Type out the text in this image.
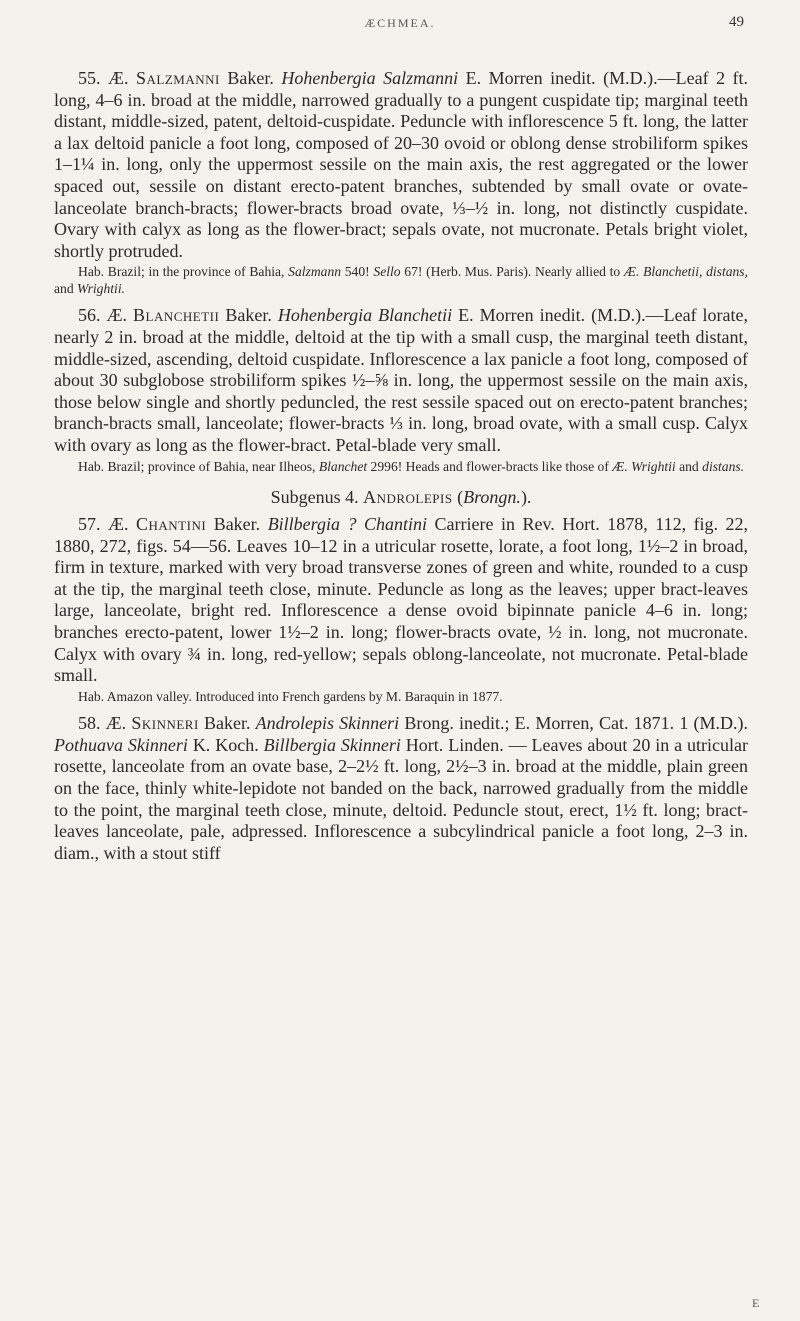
ÆCHMEA.	49

55. Æ. Salzmanni Baker. Hohenbergia Salzmanni E. Morren inedit. (M.D.).—Leaf 2 ft. long, 4–6 in. broad at the middle, narrowed gradually to a pungent cuspidate tip; marginal teeth distant, middle-sized, patent, deltoid-cuspidate. Peduncle with inflorescence 5 ft. long, the latter a lax deltoid panicle a foot long, composed of 20–30 ovoid or oblong dense strobiliform spikes 1–1¼ in. long, only the uppermost sessile on the main axis, the rest aggregated or the lower spaced out, sessile on distant erecto-patent branches, subtended by small ovate or ovate-lanceolate branch-bracts; flower-bracts broad ovate, ⅓–½ in. long, not distinctly cuspidate. Ovary with calyx as long as the flower-bract; sepals ovate, not mucronate. Petals bright violet, shortly protruded.

Hab. Brazil; in the province of Bahia, Salzmann 540! Sello 67! (Herb. Mus. Paris). Nearly allied to Æ. Blanchetii, distans, and Wrightii.

56. Æ. Blanchetii Baker. Hohenbergia Blanchetii E. Morren inedit. (M.D.).—Leaf lorate, nearly 2 in. broad at the middle, deltoid at the tip with a small cusp, the marginal teeth distant, middle-sized, ascending, deltoid cuspidate. Inflorescence a lax panicle a foot long, composed of about 30 subglobose strobiliform spikes ½–⅝ in. long, the uppermost sessile on the main axis, those below single and shortly peduncled, the rest sessile spaced out on erecto-patent branches; branch-bracts small, lanceolate; flower-bracts ⅓ in. long, broad ovate, with a small cusp. Calyx with ovary as long as the flower-bract. Petal-blade very small.

Hab. Brazil; province of Bahia, near Ilheos, Blanchet 2996! Heads and flower-bracts like those of Æ. Wrightii and distans.

Subgenus 4. Androlepis (Brongn.).

57. Æ. Chantini Baker. Billbergia ? Chantini Carriere in Rev. Hort. 1878, 112, fig. 22, 1880, 272, figs. 54—56. Leaves 10–12 in a utricular rosette, lorate, a foot long, 1½–2 in broad, firm in texture, marked with very broad transverse zones of green and white, rounded to a cusp at the tip, the marginal teeth close, minute. Peduncle as long as the leaves; upper bract-leaves large, lanceolate, bright red. Inflorescence a dense ovoid bipinnate panicle 4–6 in. long; branches erecto-patent, lower 1½–2 in. long; flower-bracts ovate, ½ in. long, not mucronate. Calyx with ovary ¾ in. long, red-yellow; sepals oblong-lanceolate, not mucronate. Petal-blade small.

Hab. Amazon valley. Introduced into French gardens by M. Baraquin in 1877.

58. Æ. Skinneri Baker. Androlepis Skinneri Brong. inedit.; E. Morren, Cat. 1871. 1 (M.D.). Pothuava Skinneri K. Koch. Billbergia Skinneri Hort. Linden. — Leaves about 20 in a utricular rosette, lanceolate from an ovate base, 2–2½ ft. long, 2½–3 in. broad at the middle, plain green on the face, thinly white-lepidote not banded on the back, narrowed gradually from the middle to the point, the marginal teeth close, minute, deltoid. Peduncle stout, erect, 1½ ft. long; bract-leaves lanceolate, pale, adpressed. Inflorescence a subcylindrical panicle a foot long, 2–3 in. diam., with a stout stiff

E
